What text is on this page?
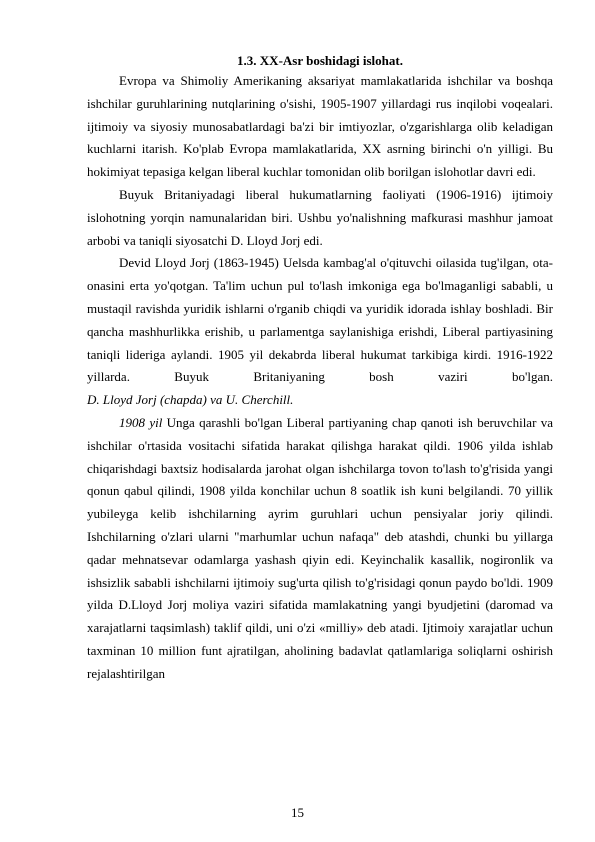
1.3. XX-Asr boshidagi islohat.

Evropa va Shimoliy Amerikaning aksariyat mamlakatlarida ishchilar va boshqa ishchilar guruhlarining nutqlarining o'sishi, 1905-1907 yillardagi rus inqilobi voqealari. ijtimoiy va siyosiy munosabatlardagi ba'zi bir imtiyozlar, o'zgarishlarga olib keladigan kuchlarni itarish. Ko'plab Evropa mamlakatlarida, XX asrning birinchi o'n yilligi. Bu hokimiyat tepasiga kelgan liberal kuchlar tomonidan olib borilgan islohotlar davri edi.

Buyuk Britaniyadagi liberal hukumatlarning faoliyati (1906-1916) ijtimoiy islohotning yorqin namunalaridan biri. Ushbu yo'nalishning mafkurasi mashhur jamoat arbobi va taniqli siyosatchi D. Lloyd Jorj edi.

Devid Lloyd Jorj (1863-1945) Uelsda kambag'al o'qituvchi oilasida tug'ilgan, ota-onasini erta yo'qotgan. Ta'lim uchun pul to'lash imkoniga ega bo'lmaganligi sababli, u mustaqil ravishda yuridik ishlarni o'rganib chiqdi va yuridik idorada ishlay boshladi. Bir qancha mashhurlikka erishib, u parlamentga saylanishiga erishdi, Liberal partiyasining taniqli lideriga aylandi. 1905 yil dekabrda liberal hukumat tarkibiga kirdi. 1916-1922 yillarda. Buyuk Britaniyaning bosh vaziri bo'lgan.

D. Lloyd Jorj (chapda) va U. Cherchill.

1908 yil Unga qarashli bo'lgan Liberal partiyaning chap qanoti ish beruvchilar va ishchilar o'rtasida vositachi sifatida harakat qilishga harakat qildi. 1906 yilda ishlab chiqarishdagi baxtsiz hodisalarda jarohat olgan ishchilarga tovon to'lash to'g'risida yangi qonun qabul qilindi, 1908 yilda konchilar uchun 8 soatlik ish kuni belgilandi. 70 yillik yubileyga kelib ishchilarning ayrim guruhlari uchun pensiyalar joriy qilindi. Ishchilarning o'zlari ularni "marhumlar uchun nafaqa" deb atashdi, chunki bu yillarga qadar mehnatsevar odamlarga yashash qiyin edi. Keyinchalik kasallik, nogironlik va ishsizlik sababli ishchilarni ijtimoiy sug'urta qilish to'g'risidagi qonun paydo bo'ldi. 1909 yilda D.Lloyd Jorj moliya vaziri sifatida mamlakatning yangi byudjetini (daromad va xarajatlarni taqsimlash) taklif qildi, uni o'zi «milliy» deb atadi. Ijtimoiy xarajatlar uchun taxminan 10 million funt ajratilgan, aholining badavlat qatlamlariga soliqlarni oshirish rejalashtirilgan

15
